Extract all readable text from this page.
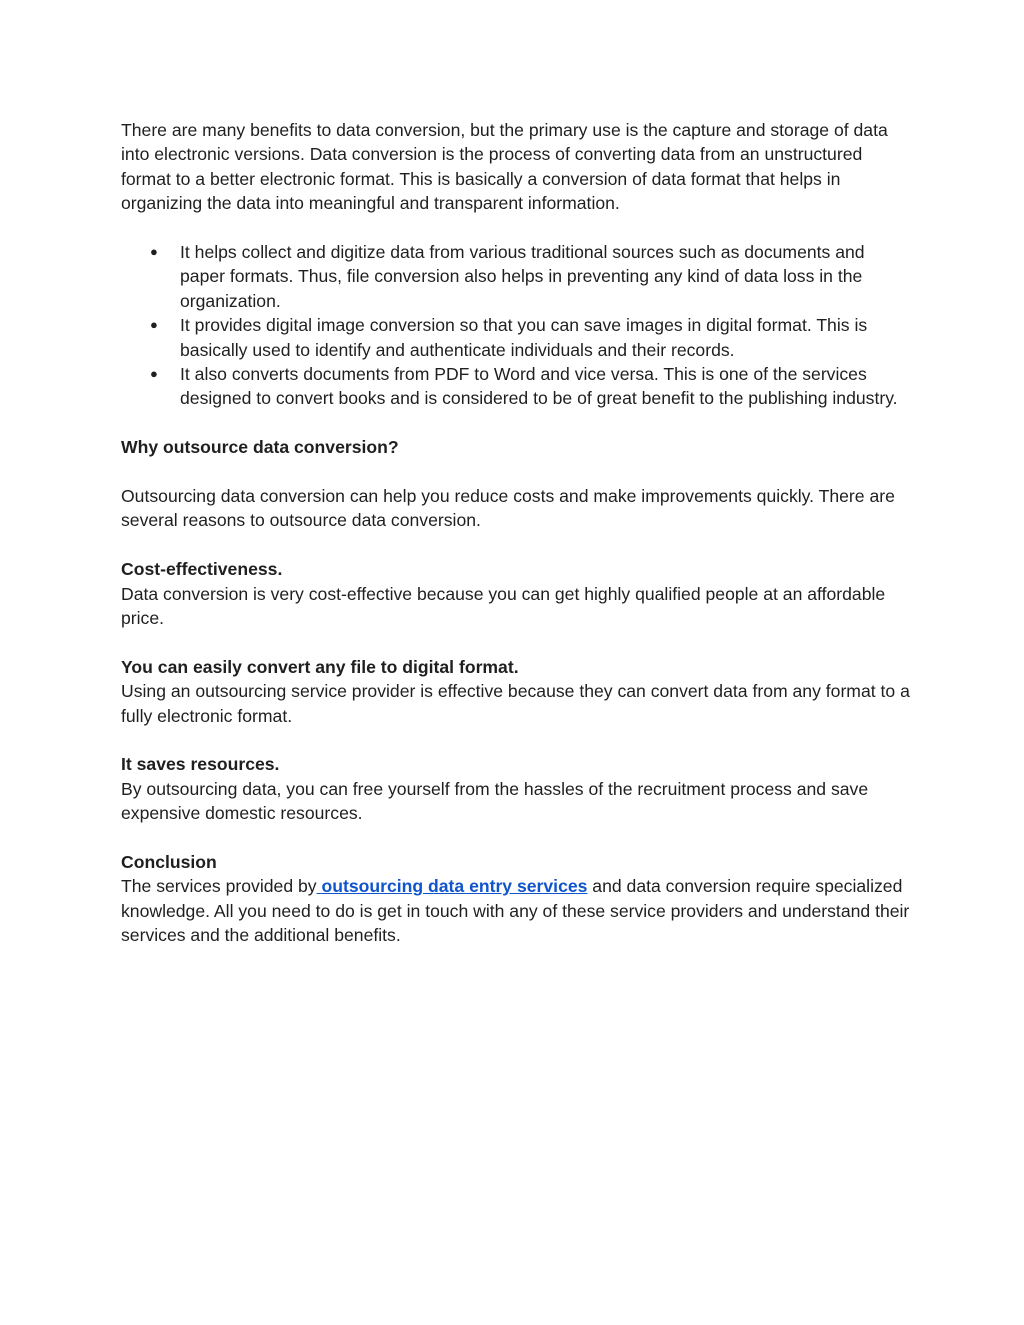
There are many benefits to data conversion, but the primary use is the capture and storage of data into electronic versions. Data conversion is the process of converting data from an unstructured format to a better electronic format. This is basically a conversion of data format that helps in organizing the data into meaningful and transparent information.

● It helps collect and digitize data from various traditional sources such as documents and paper formats. Thus, file conversion also helps in preventing any kind of data loss in the organization.
● It provides digital image conversion so that you can save images in digital format. This is basically used to identify and authenticate individuals and their records.
● It also converts documents from PDF to Word and vice versa. This is one of the services designed to convert books and is considered to be of great benefit to the publishing industry.

Why outsource data conversion?

Outsourcing data conversion can help you reduce costs and make improvements quickly. There are several reasons to outsource data conversion.

Cost-effectiveness.

Data conversion is very cost-effective because you can get highly qualified people at an affordable price.

You can easily convert any file to digital format.

Using an outsourcing service provider is effective because they can convert data from any format to a fully electronic format.

It saves resources.

By outsourcing data, you can free yourself from the hassles of the recruitment process and save expensive domestic resources.

Conclusion

The services provided by outsourcing data entry services and data conversion require specialized knowledge. All you need to do is get in touch with any of these service providers and understand their services and the additional benefits.
